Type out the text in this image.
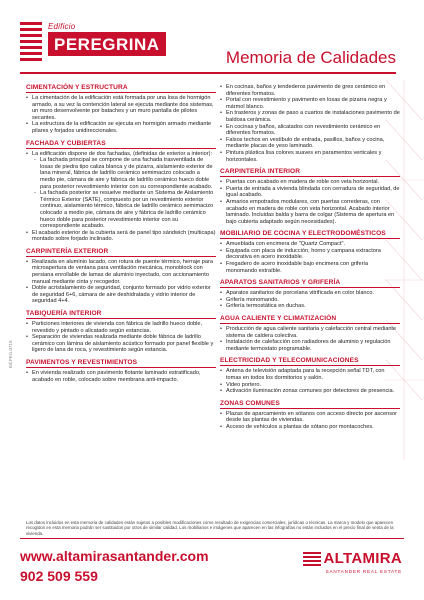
Edificio
PEREGRINA
Memoria de Calidades
CIMENTACIÓN Y ESTRUCTURA
• La cimentación de la edificación está formada por una losa de hormigón armado, a su vez la contención lateral se ejecuta mediante dos sistemas, un muro desenvolvente por bataches y un muro pantalla de pilotes secantes.
• La estructura de la edificación se ejecuta en hormigón armado mediante pilares y forjados unidireccionales.
FACHADA Y CUBIERTAS
• La edificación dispone de dos fachadas, (definidas de exterior a interior):
- La fachada principal se compone de una fachada trasventilada de losas de piedra tipo caliza blanca y de pizarra, aislamiento exterior de lana mineral, fábrica de ladrillo cerámico semimacizo colocado a medio pie, cámara de aire y fábrica de ladrillo cerámico hueco doble para posterior revestimiento interior con su correspondiente acabado.
- La fachada posterior se resuelve mediante un Sistema de Aislamiento Térmico Exterior (SATE), compuesto por un revestimiento exterior continuo, aislamiento térmico, fábrica de ladrillo cerámico semimacizo colocado a medio pie, cámara de aire y fábrica de ladrillo cerámico hueco doble para posterior revestimiento interior con su correspondiente acabado.
• El acabado exterior de la cubierta será de panel tipo sándwich (multicapa) montado sobre forjado inclinado.
CARPINTERÍA EXTERIOR
• Realizada en aluminio lacado, con rotura de puente térmico, herraje para microapertura de ventana para ventilación mecánica, monoblock con persiana enrollable de lamas de aluminio inyectado, con accionamiento manual mediante cinta y recogedor.
• Doble acristalamiento de seguridad, conjunto formado por vidrio exterior de seguridad 6+6, cámara de aire deshidratada y vidrio interior de seguridad 4+4.
TABIQUERÍA INTERIOR
• Particiones interiores de vivienda con fábrica de ladrillo hueco doble, revestido y pintado o alicatado según estancias.
• Separación de viviendas realizada mediante doble fábrica de ladrillo cerámico con lámina de aislamiento acústico formado por panel flexible y ligero de lana de roca, y revestimiento según estancia.
PAVIMENTOS Y REVESTIMIENTOS
• En vivienda realizado con pavimento flotante laminado estratificado, acabado en roble, colocado sobre membrana anti-impacto.
• En cocinas, baños y tendederos pavimento de gres cerámico en diferentes formatos.
• Portal con revestimiento y pavimento en losas de pizarra negra y mármol blanco.
• En trasteros y zonas de paso a cuartos de instalaciones pavimento de baldosa cerámica.
• En cocinas y baños, alicatados con revestimiento cerámico en diferentes formatos.
• Falsos techos en vestíbulo de entrada, pasillos, baños y cocina, mediante placas de yeso laminado.
• Pintura plástica lisa colores suaves en paramentos verticales y horizontales.
CARPINTERÍA INTERIOR
• Puertas con acabado en madera de roble con veta horizontal.
• Puerta de entrada a vivienda blindada con cerradura de seguridad, de igual acabado.
• Armarios empotrados modulares, con puertas correderas, con acabado en madera de roble con veta horizontal. Acabado interior laminado. Incluidas balda y barra de colgar (Sistema de apertura en bajo cubierta adaptado según necesidades).
MOBILIARIO DE COCINA Y ELECTRODOMÉSTICOS
• Amueblada con encimera de "Quartz Compact".
• Equipada con placa de inducción, horno y campana extractora decorativa en acero inoxidable.
• Fregadero de acero inoxidable bajo encimera con grifería monomando extraíble.
APARATOS SANITARIOS Y GRIFERÍA
• Aparatos sanitarios de porcelana vitrificada en color blanco.
• Grifería monomando.
• Grifería termostática en duchas.
AGUA CALIENTE Y CLIMATIZACIÓN
• Producción de agua caliente sanitaria y calefacción central mediante sistema de caldera colectiva.
• Instalación de calefacción con radiadores de aluminio y regulación mediante termostato programable.
ELECTRICIDAD Y TELECOMUNICACIONES
• Antena de televisión adaptada para la recepción señal TDT, con tomas en todos los dormitorios y salón.
• Video portero.
• Activación iluminación zonas comunes por detectores de presencia.
ZONAS COMUNES
• Plazas de aparcamiento en sótanos con acceso directo por ascensor desde las plantas de viviendas.
• Acceso de vehículos a plantas de sótano por montacoches.
Ed.PEG.0710
Los datos incluidos en esta memoria de calidades están sujetos a posibles modificaciones como resultado de exigencias comerciales, jurídicas o técnicas. La marca y modelo que aparecen recogidos en esta memoria podrán ser sustituidos por otros de similar calidad. Los mobiliarios e imágenes que aparecen en las infografías no están incluidos en el precio final de venta de la vivienda.
www.altamirasantander.com
902 509 559
ALTAMIRA
SANTANDER REAL ESTATE
